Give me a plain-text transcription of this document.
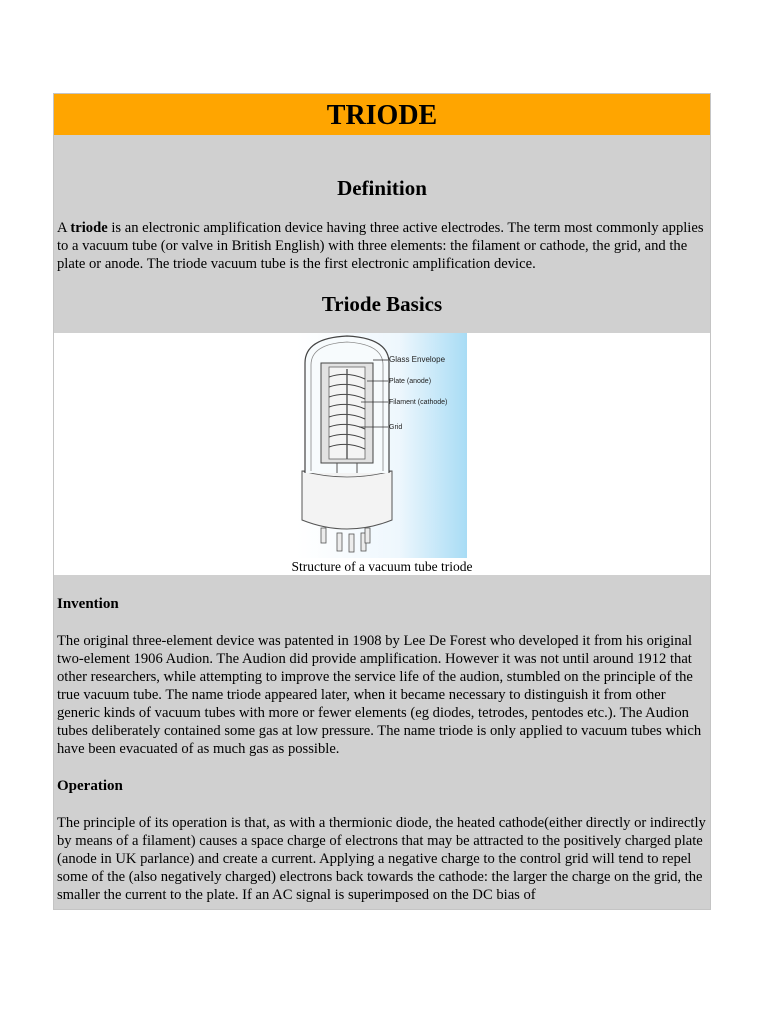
TRIODE
Definition

A triode is an electronic amplification device having three active electrodes. The term most commonly applies to a vacuum tube (or valve in British English) with three elements: the filament or cathode, the grid, and the plate or anode. The triode vacuum tube is the first electronic amplification device.

Triode Basics
Glass Envelope
Plate (anode)
Filament (cathode)
Grid
Structure of a vacuum tube triode
Invention

The original three-element device was patented in 1908 by Lee De Forest who developed it from his original two-element 1906 Audion. The Audion did provide amplification. However it was not until around 1912 that other researchers, while attempting to improve the service life of the audion, stumbled on the principle of the true vacuum tube. The name triode appeared later, when it became necessary to distinguish it from other generic kinds of vacuum tubes with more or fewer elements (eg diodes, tetrodes, pentodes etc.). The Audion tubes deliberately contained some gas at low pressure. The name triode is only applied to vacuum tubes which have been evacuated of as much gas as possible.

Operation

The principle of its operation is that, as with a thermionic diode, the heated cathode(either directly or indirectly by means of a filament) causes a space charge of electrons that may be attracted to the positively charged plate (anode in UK parlance) and create a current. Applying a negative charge to the control grid will tend to repel some of the (also negatively charged) electrons back towards the cathode: the larger the charge on the grid, the smaller the current to the plate. If an AC signal is superimposed on the DC bias of
